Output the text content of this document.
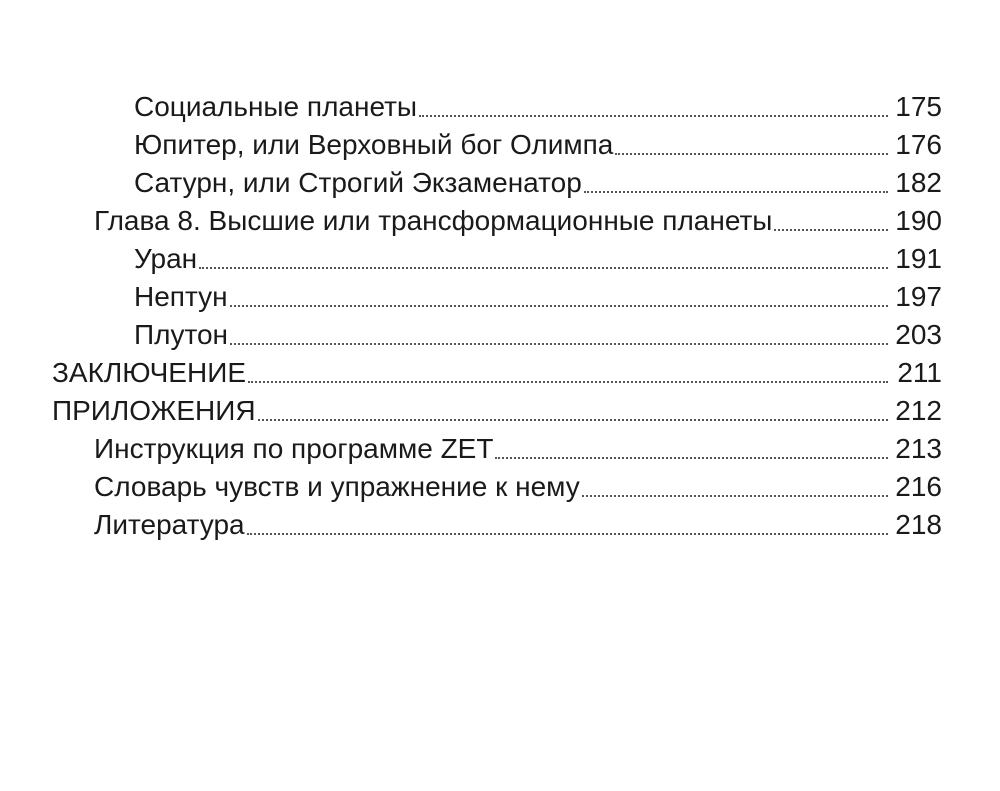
Социальные планеты	175
Юпитер, или Верховный бог Олимпа	176
Сатурн, или Строгий Экзаменатор	182
Глава 8. Высшие или трансформационные планеты	190
Уран	191
Нептун	197
Плутон	203
ЗАКЛЮЧЕНИЕ	211
ПРИЛОЖЕНИЯ	212
Инструкция по программе ZET	213
Словарь чувств и упражнение к нему	216
Литература	218
